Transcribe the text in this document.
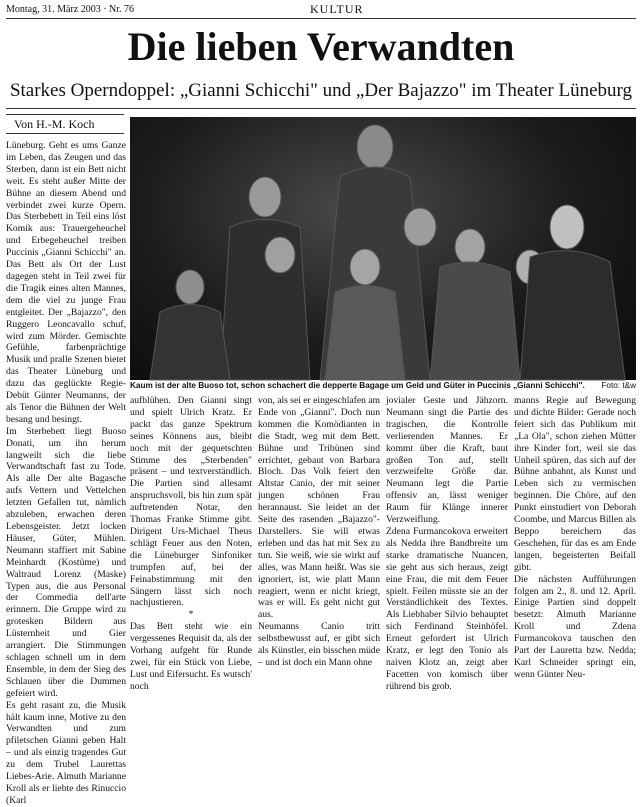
Montag, 31. März 2003 · Nr. 76	KULTUR
Die lieben Verwandten
Starkes Operndoppel: „Gianni Schicchi" und „Der Bajazzo" im Theater Lüneburg
Von H.-M. Koch

Lüneburg. Geht es ums Ganze im Leben, das Zeugen und das Sterben, dann ist ein Bett nicht weit. Es steht außer Mitte der Bühne an diesem Abend und verbindet zwei kurze Opern. Das Sterbebett in Teil eins löst Komik aus: Trauergeheuchel und Erbegeheuchel treiben Puccinis „Gianni Schicchi" an. Das Bett als Ort der Lust dagegen steht in Teil zwei für die Tragik eines alten Mannes, dem die viel zu junge Frau entgleitet. Der „Bajazzo", den Ruggero Leoncavallo schuf, wird zum Mörder. Gemischte Gefühle, farbenprächtige Musik und pralle Szenen bietet das Theater Lüneburg und dazu das geglückte Regie-Debüt Günter Neumanns, der als Tenor die Bühnen der Welt besang und besingt.

Im Sterbebett liegt Buoso Donati, um ihn herum langweilt sich die liebe Verwandtschaft fast zu Tode. Als alle Der alte Bagasche aufs Vettern und Vettelchen letzten Gefallen tut, nämlich abzuleben, erwachen deren Lebensgeister. Jetzt locken Häuser, Güter, Mühlen. Neumann staffiert mit Sabine Meinhardt (Kostüme) und Waltraud Lorenz (Maske) Typen aus, die aus Personal der Commedia dell'arte erinnern. Die Gruppe wird zu grotesken Bildern aus Lüsternheit und Gier arrangiert. Die Stimmungen schlagen schnell um in dem Ensemble, in dem der Sieg des Schlauen über die Dummen gefeiert wird.

Es geht rasant zu, die Musik hält kaum inne, Motive zu den Verwandten und zum pfiletschen Gianni geben Halt – und als einzig tragendes Gut zu dem Trubel Laurettas Liebes-Arie. Almuth Marianne Kroll als er liebte des Rinuccio (Karl

Kaum ist der alte Buoso tot, schon schachert die depperte Bagage um Geld und Güter in Puccinis „Gianni Schicchi". Foto: t&w

aufblühen. Den Gianni singt und spielt Ulrich Kratz. Er packt das ganze Spektrum seines Könnens aus, bleibt noch mit der gequetschten Stimme des „Sterbenden" präsent – und textverständlich. Die Partien sind allesamt anspruchsvoll, bis hin zum spät auftretenden Notar, den Thomas Franke Stimme gibt. Dirigent Urs-Michael Theus schlägt Feuer aus den Noten, die Lüneburger Sinfoniker trumpfen auf, bei der Feinabstimmung mit den Sängern lässt sich noch nachjustieren.

*

Das Bett steht wie ein vergessenes Requisit da, als der Vorhang aufgeht für Runde zwei, für ein Stück von Liebe, Lust und Eifersucht. Es wutsch' noch

von, als sei er eingeschlafen am Ende von „Gianni". Doch nun kommen die Komödianten in die Stadt, weg mit dem Bett. Bühne und Tribünen sind errichtet, gebaut von Barbara Bloch. Das Volk feiert den Altstar Canio, der mit seiner jungen schönen Frau herannaust. Sie leidet an der Seite des rasenden „Bajazzo"-Darstellers. Sie will etwas erleben und das hat mit Sex zu tun. Sie weiß, wie sie wirkt auf alles, was Mann heißt. Was sie ignoriert, ist, wie platt Mann reagiert, wenn er nicht kriegt, was er will. Es geht nicht gut aus.

Neumanns Canio tritt selbstbewusst auf, er gibt sich als Künstler, ein bisschen müde – und ist doch ein Mann ohne

jovialer Geste und Jähzorn. Neumann singt die Partie des tragischen, die Kontrolle verlierenden Mannes. Er kommt über die Kraft, baut großen Ton auf, stellt verzweifelte Größe dar. Neumann legt die Partie offensiv an, lässt weniger Raum für Klänge innerer Verzweiflung.

Zdena Furmancokova erweitert als Nedda ihre Bandbreite um starke dramatische Nuancen, sie geht aus sich heraus, zeigt eine Frau, die mit dem Feuer spielt. Feilen müsste sie an der Verständlichkeit des Textes. Als Liebhaber Silvio behauptet sich Ferdinand Steinhöfel. Erneut gefordert ist Ulrich Kratz, er legt den Tonio als naiven Klotz an, zeigt aber Facetten von komisch über rührend bis grob.

manns Regie auf Bewegung und dichte Bilder: Gerade noch feiert sich das Publikum mit „La Ola", schon ziehen Mütter ihre Kinder fort, weil sie das Unheil spüren, das sich auf der Bühne anbahnt, als Kunst und Leben sich zu vermischen beginnen. Die Chöre, auf den Punkt einstudiert von Deborah Coombe, und Marcus Billen als Beppo bereichern das Geschehen, für das es am Ende langen, begeisterten Beifall gibt.

Die nächsten Aufführungen folgen am 2., 8. und 12. April. Einige Partien sind doppelt besetzt: Almuth Marianne Kroll und Zdena Furmancokova tauschen den Part der Lauretta bzw. Nedda; Karl Schneider springt ein, wenn Günter Neu-
